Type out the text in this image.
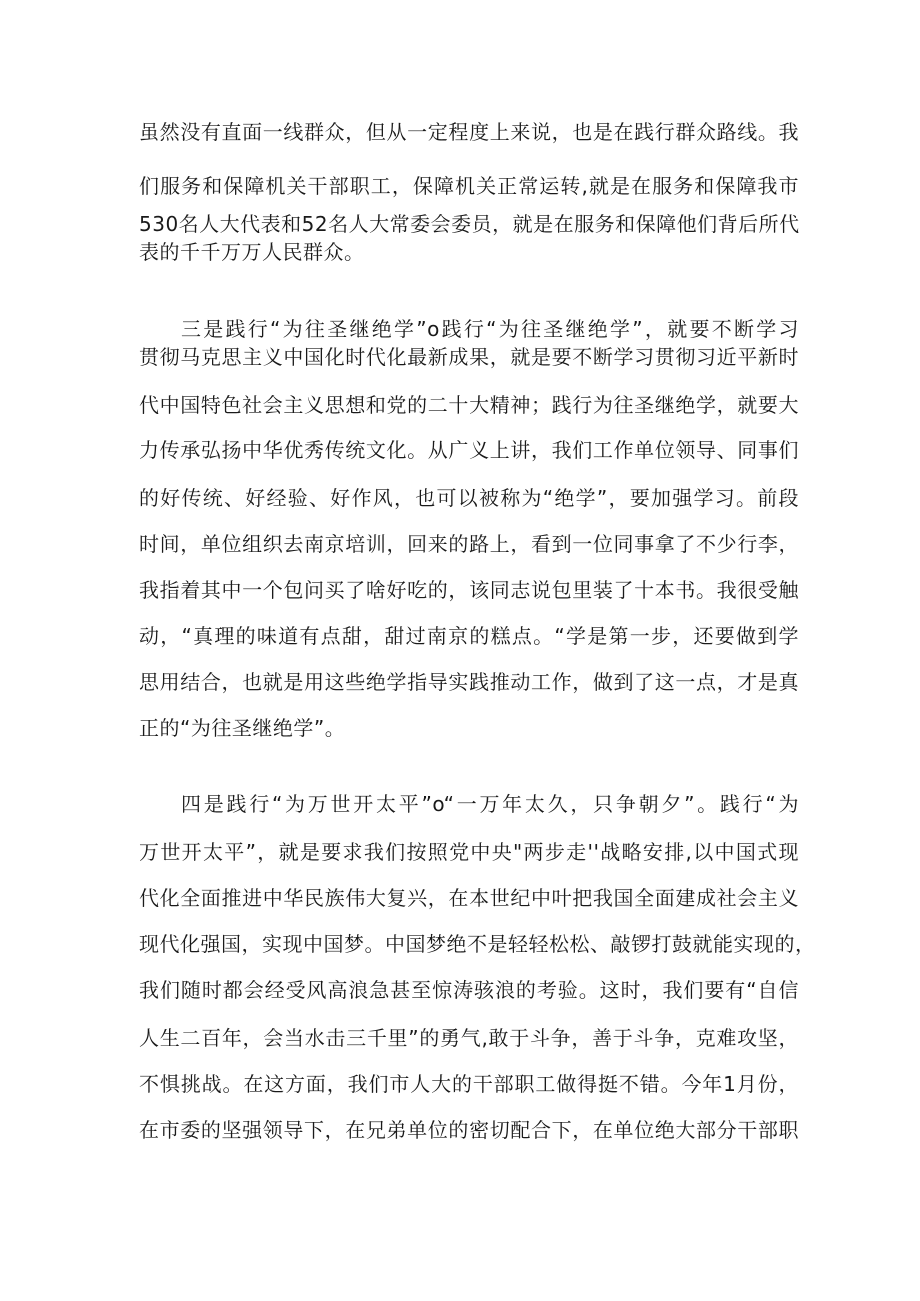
虽然没有直面一线群众，但从一定程度上来说，也是在践行群众路线。我

们服务和保障机关干部职工，保障机关正常运转,就是在服务和保障我市

530名人大代表和52名人大常委会委员，就是在服务和保障他们背后所代

表的千千万万人民群众。

三是践行“为往圣继绝学”o践行“为往圣继绝学”，就要不断学习

贯彻马克思主义中国化时代化最新成果，就是要不断学习贯彻习近平新时

代中国特色社会主义思想和党的二十大精神；践行为往圣继绝学，就要大

力传承弘扬中华优秀传统文化。从广义上讲，我们工作单位领导、同事们

的好传统、好经验、好作风，也可以被称为“绝学”，要加强学习。前段

时间，单位组织去南京培训，回来的路上，看到一位同事拿了不少行李，

我指着其中一个包问买了啥好吃的，该同志说包里装了十本书。我很受触

动，“真理的味道有点甜，甜过南京的糕点。“学是第一步，还要做到学

思用结合，也就是用这些绝学指导实践推动工作，做到了这一点，才是真

正的“为往圣继绝学”。

四是践行“为万世开太平”o“一万年太久，只争朝夕”。践行“为

万世开太平”，就是要求我们按照党中央"两步走''战略安排,以中国式现

代化全面推进中华民族伟大复兴，在本世纪中叶把我国全面建成社会主义

现代化强国，实现中国梦。中国梦绝不是轻轻松松、敲锣打鼓就能实现的，

我们随时都会经受风高浪急甚至惊涛骇浪的考验。这时，我们要有“自信

人生二百年，会当水击三千里”的勇气,敢于斗争，善于斗争，克难攻坚，

不惧挑战。在这方面，我们市人大的干部职工做得挺不错。今年1月份，

在市委的坚强领导下，在兄弟单位的密切配合下，在单位绝大部分干部职
